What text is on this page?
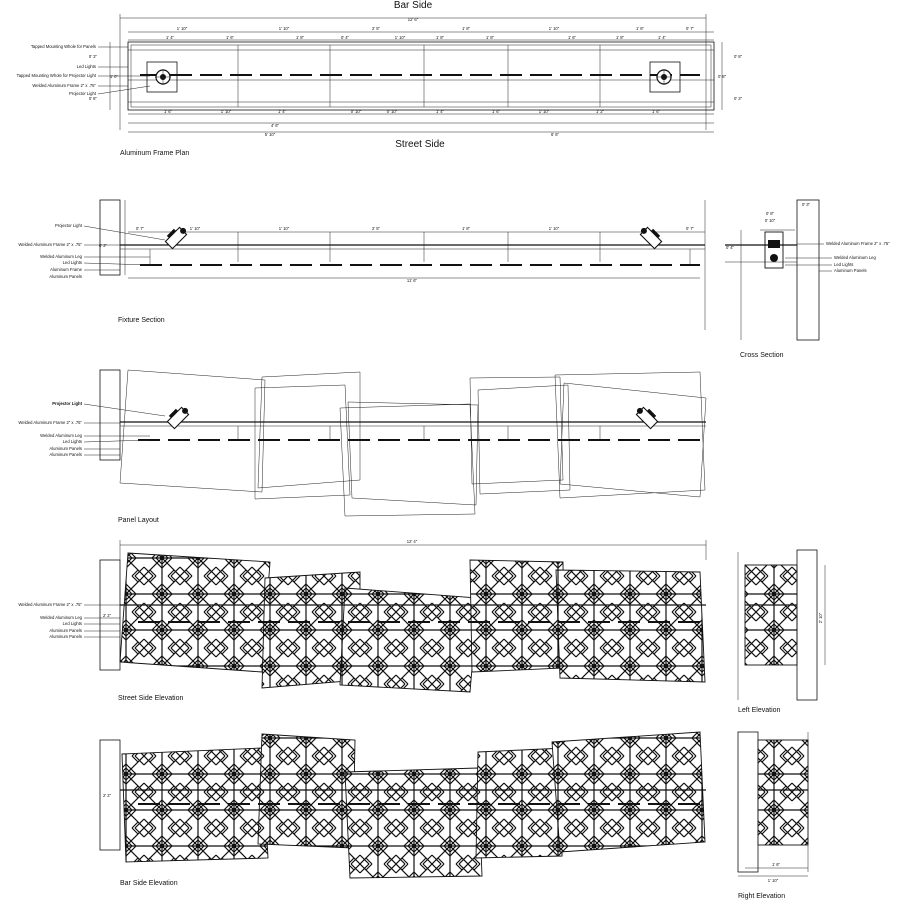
Bar Side
Street Side
Aluminum Frame Plan
12' 6"
1' 10"	1' 10"	2' 5"	1' 8"	1' 10"	1' 6"	0' 7"
1' 4"	1' 6"	1' 8"	0' 4"	1' 10"	1' 8"	1' 8"	1' 6"	1' 8"	1' 4"
1' 6"	1' 10"	1' 4"	0' 10"	0' 10"	1' 4"	1' 6"	1' 10"	1' 2"	1' 6"
4' 6"
5' 10"	6' 6"
0' 3"
0' 8"
1' 0"
0' 8"
0' 8"
0' 3"
Tapped Mounting Whole for Panels
Led Lights
Tapped Mounting Whole for Projector Light
Welded Aluminum Frame 2" x .75"
Projector Light
Fixture Section
0' 7"	1' 10"	1' 10"	2' 5"	1' 8"	1' 10"	0' 7"
11' 6"
0' 2"
Projector Light
Welded Aluminum Frame 2" x .75"
Welded Aluminum Leg
Led Lights
Aluminum Frame
Aluminum Panels
Cross Section
0' 8"
0' 10"
0' 3"
0' 4"
Welded Aluminum Frame 2" x .75"
Welded Aluminum Leg
Led Lights
Aluminum Panels
Panel Layout
Projector Light
Welded Aluminum Frame 2" x .75"
Welded Aluminum Leg
Led Lights
Aluminum Panels
Aluminum Panels
Street Side Elevation
12' 4"
2' 2"
Welded Aluminum Frame 2" x .75"
Welded Aluminum Leg
Led Lights
Aluminum Panels
Aluminum Panels
Left Elevation
2' 10"
Bar Side Elevation
2' 2"
Right Elevation
1' 6"
1' 10"
